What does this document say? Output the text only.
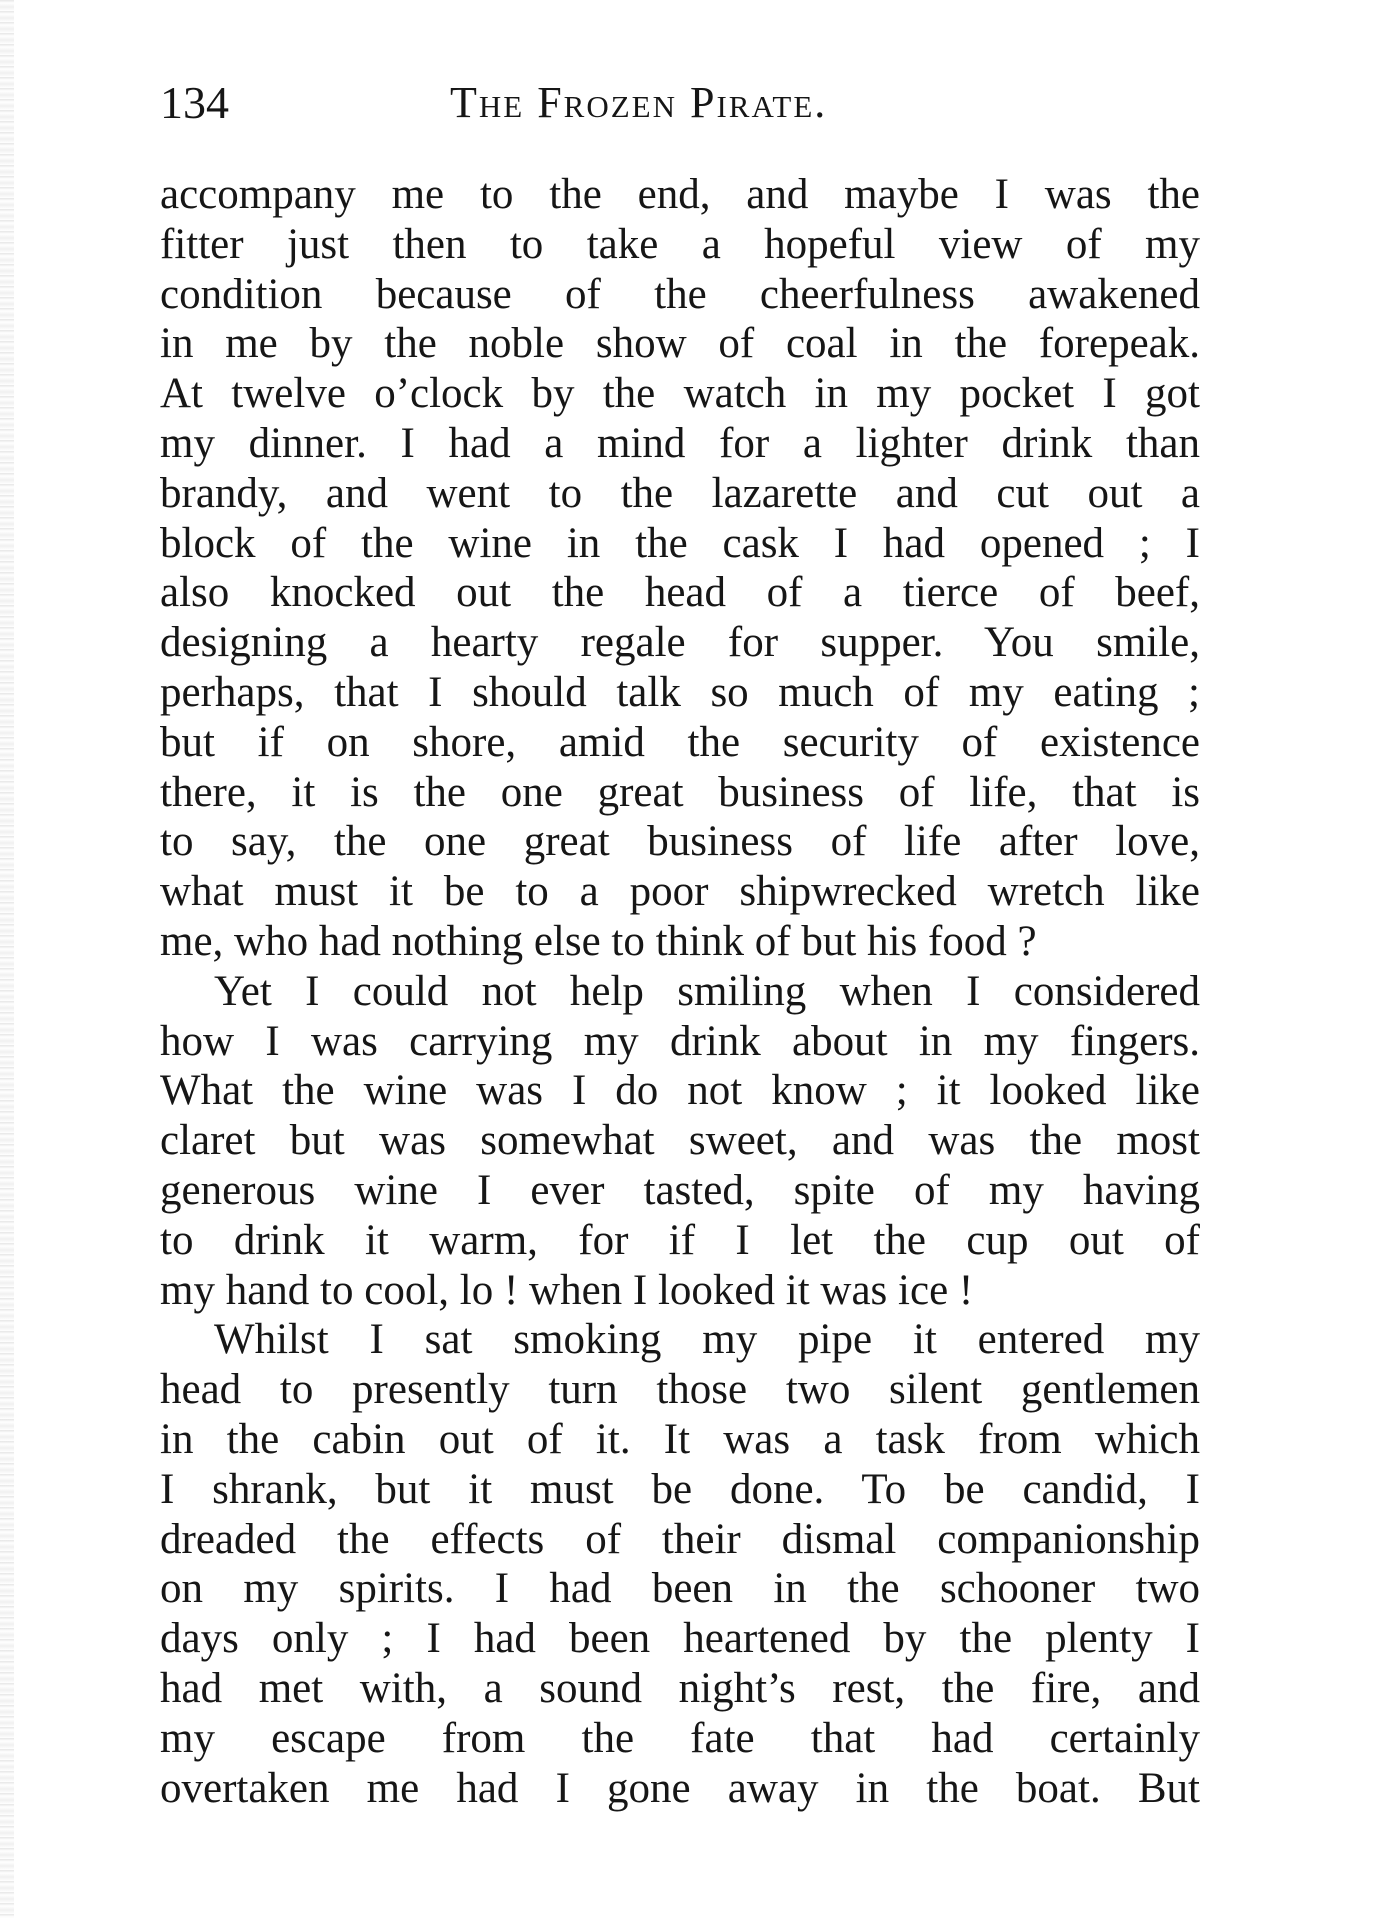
134	The Frozen Pirate.
accompany me to the end, and maybe I was the
fitter just then to take a hopeful view of my
condition because of the cheerfulness awakened
in me by the noble show of coal in the forepeak.
At twelve o’clock by the watch in my pocket I got
my dinner. I had a mind for a lighter drink than
brandy, and went to the lazarette and cut out a
block of the wine in the cask I had opened ; I
also knocked out the head of a tierce of beef,
designing a hearty regale for supper. You smile,
perhaps, that I should talk so much of my eating ;
but if on shore, amid the security of existence
there, it is the one great business of life, that is
to say, the one great business of life after love,
what must it be to a poor shipwrecked wretch like
me, who had nothing else to think of but his food ?
Yet I could not help smiling when I considered
how I was carrying my drink about in my fingers.
What the wine was I do not know ; it looked like
claret but was somewhat sweet, and was the most
generous wine I ever tasted, spite of my having
to drink it warm, for if I let the cup out of
my hand to cool, lo ! when I looked it was ice !
Whilst I sat smoking my pipe it entered my
head to presently turn those two silent gentlemen
in the cabin out of it. It was a task from which
I shrank, but it must be done. To be candid, I
dreaded the effects of their dismal companionship
on my spirits. I had been in the schooner two
days only ; I had been heartened by the plenty I
had met with, a sound night’s rest, the fire, and
my escape from the fate that had certainly
overtaken me had I gone away in the boat. But
